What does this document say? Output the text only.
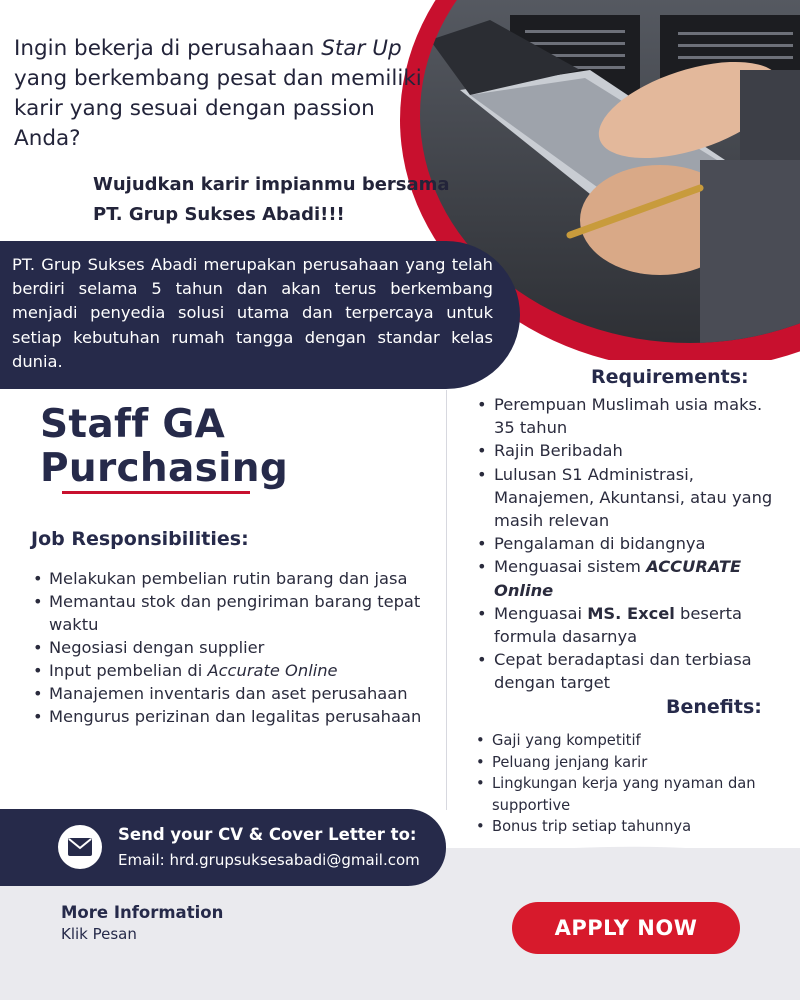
Ingin bekerja di perusahaan Star Up yang berkembang pesat dan memiliki karir yang sesuai dengan passion Anda?
Wujudkan karir impianmu bersama
PT. Grup Sukses Abadi!!!
PT. Grup Sukses Abadi merupakan perusahaan yang telah berdiri selama 5 tahun dan akan terus berkembang menjadi penyedia solusi utama dan terpercaya untuk setiap kebutuhan rumah tangga dengan standar kelas dunia.
Staff GA
Purchasing
Job Responsibilities:
• Melakukan pembelian rutin barang dan jasa
• Memantau stok dan pengiriman barang tepat waktu
• Negosiasi dengan supplier
• Input pembelian di Accurate Online
• Manajemen inventaris dan aset perusahaan
• Mengurus perizinan dan legalitas perusahaan
Requirements:
• Perempuan Muslimah usia maks. 35 tahun
• Rajin Beribadah
• Lulusan S1 Administrasi, Manajemen, Akuntansi, atau yang masih relevan
• Pengalaman di bidangnya
• Menguasai sistem ACCURATE Online
• Menguasai MS. Excel beserta formula dasarnya
• Cepat beradaptasi dan terbiasa dengan target
Benefits:
• Gaji yang kompetitif
• Peluang jenjang karir
• Lingkungan kerja yang nyaman dan supportive
• Bonus trip setiap tahunnya
Send your CV & Cover Letter to:
Email: hrd.grupsuksesabadi@gmail.com
More Information
Klik Pesan	APPLY NOW
